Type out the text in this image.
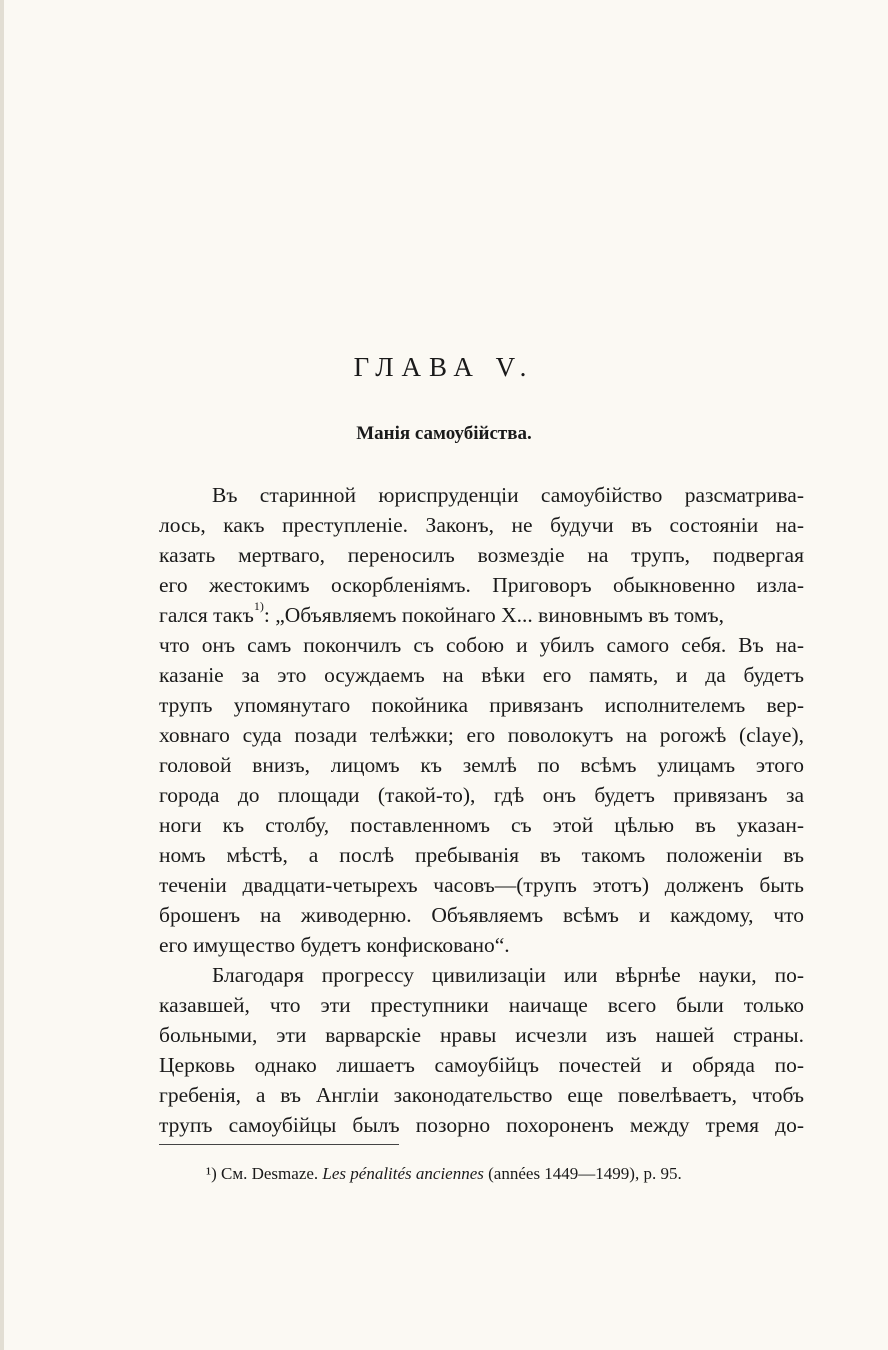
ГЛАВА V.
Манія самоубійства.
Въ старинной юриспруденціи самоубійство разсматрива-
лось, какъ преступленіе. Законъ, не будучи въ состояніи на-
казать мертваго, переносилъ возмездіе на трупъ, подвергая
его жестокимъ оскорбленіямъ. Приговоръ обыкновенно изла-
гался такъ$^{1)}$: „Объявляемъ покойнаго X... виновнымъ въ томъ,
что онъ самъ покончилъ съ собою и убилъ самого себя. Въ на-
казаніе за это осуждаемъ на вѣки его память, и да будетъ
трупъ упомянутаго покойника привязанъ исполнителемъ вер-
ховнаго суда позади телѣжки; его поволокутъ на рогожѣ (claye),
головой внизъ, лицомъ къ землѣ по всѣмъ улицамъ этого
города до площади (такой-то), гдѣ онъ будетъ привязанъ за
ноги къ столбу, поставленномъ съ этой цѣлью въ указан-
номъ мѣстѣ, а послѣ пребыванія въ такомъ положеніи въ
теченіи двадцати-четырехъ часовъ—(трупъ этотъ) долженъ быть
брошенъ на живодерню. Объявляемъ всѣмъ и каждому, что
его имущество будетъ конфисковано“.
Благодаря прогрессу цивилизаціи или вѣрнѣе науки, по-
казавшей, что эти преступники наичаще всего были только
больными, эти варварскіе нравы исчезли изъ нашей страны.
Церковь однако лишаетъ самоубійцъ почестей и обряда по-
гребенія, а въ Англіи законодательство еще повелѣваетъ, чтобъ
трупъ самоубійцы былъ позорно похороненъ между тремя до-
¹) См. Desmaze. Les pénalités anciennes (années 1449—1499), p. 95.
